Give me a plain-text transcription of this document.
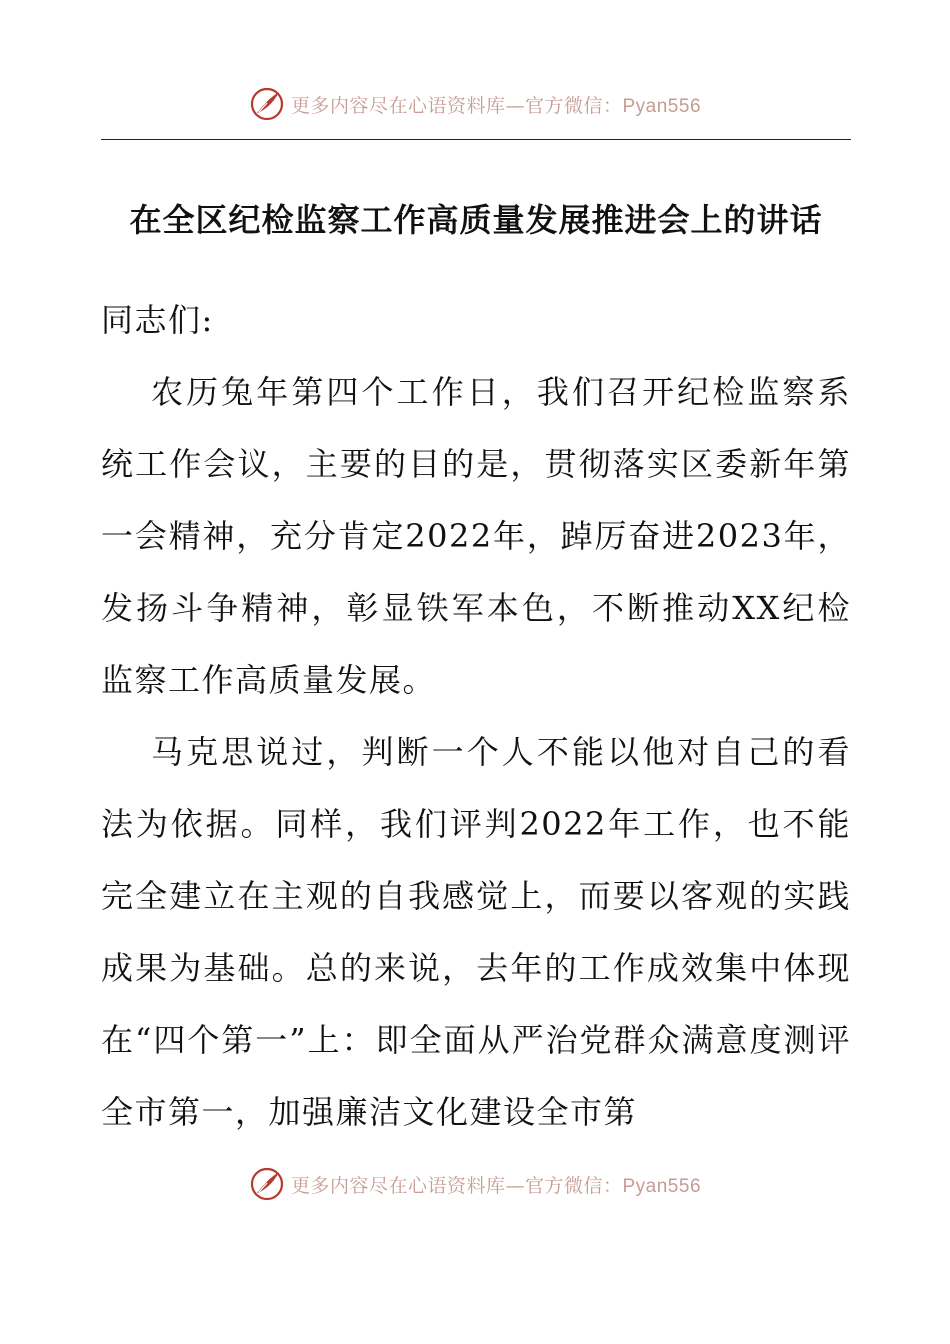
更多内容尽在心语资料库—官方微信：Pyan556
在全区纪检监察工作高质量发展推进会上的讲话

同志们:

农历兔年第四个工作日，我们召开纪检监察系统工作会议，主要的目的是，贯彻落实区委新年第一会精神，充分肯定2022年，踔厉奋进2023年，发扬斗争精神，彰显铁军本色，不断推动XX纪检监察工作高质量发展。

马克思说过，判断一个人不能以他对自己的看法为依据。同样，我们评判2022年工作，也不能完全建立在主观的自我感觉上，而要以客观的实践成果为基础。总的来说，去年的工作成效集中体现在“四个第一”上：即全面从严治党群众满意度测评全市第一，加强廉洁文化建设全市第

更多内容尽在心语资料库—官方微信：Pyan556
